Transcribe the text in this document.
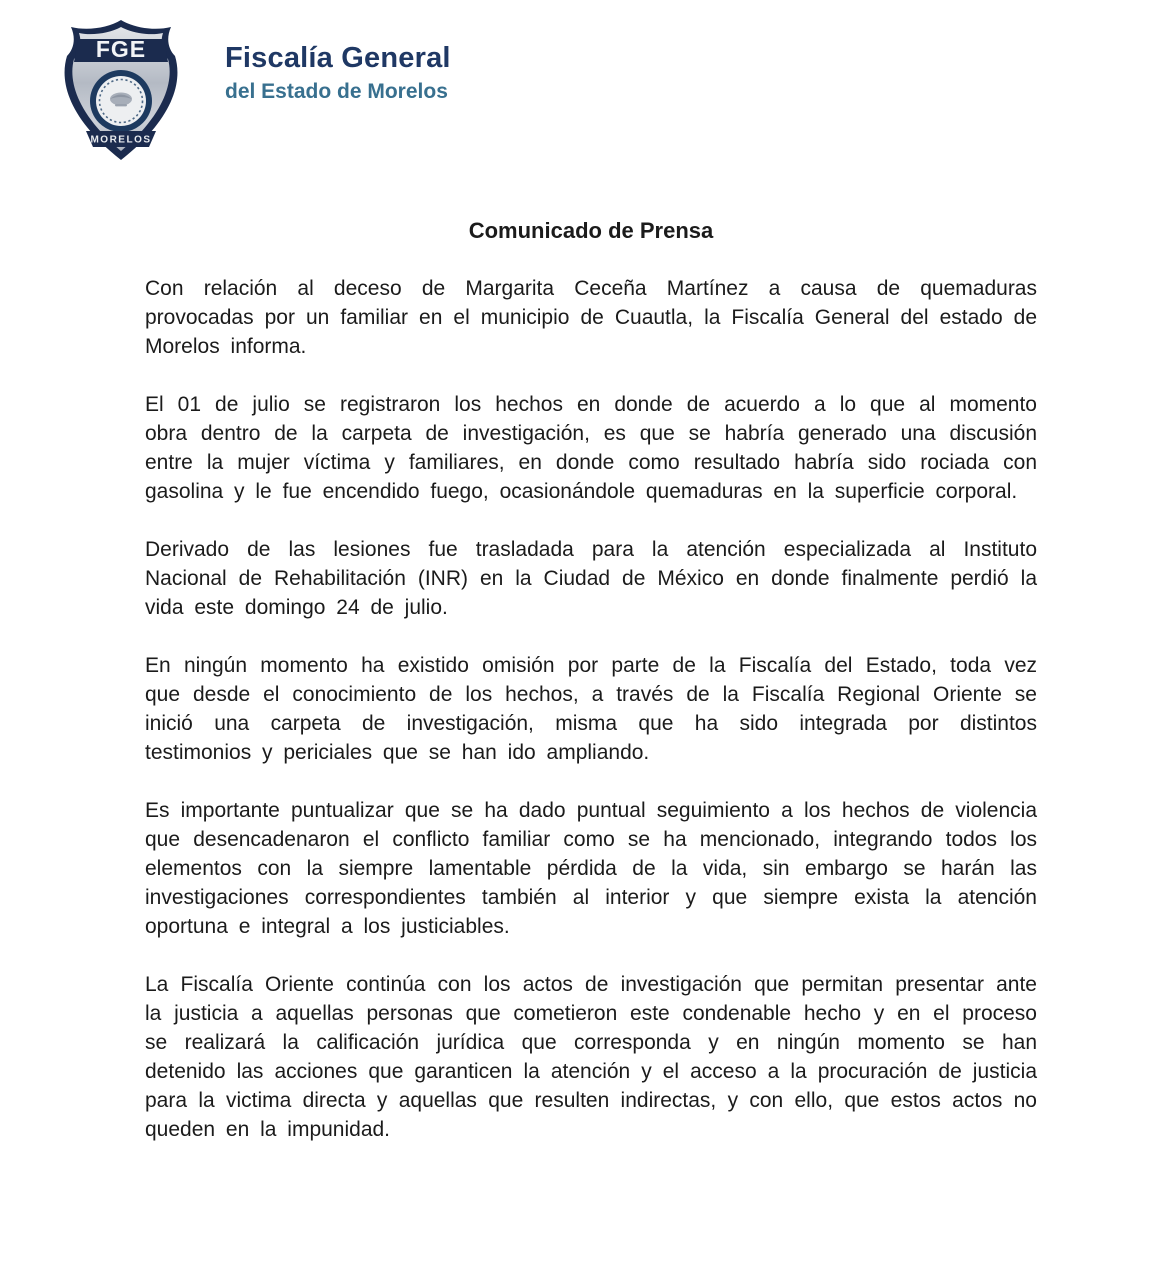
FGE
MORELOS
Fiscalía General
del Estado de Morelos
Comunicado de Prensa

Con relación al deceso de Margarita Ceceña Martínez a causa de quemaduras provocadas por un familiar en el municipio de Cuautla, la Fiscalía General del estado de Morelos informa.

El 01 de julio se registraron los hechos en donde de acuerdo a lo que al momento obra dentro de la carpeta de investigación, es que se habría generado una discusión entre la mujer víctima y familiares, en donde como resultado habría sido rociada con gasolina y le fue encendido fuego, ocasionándole quemaduras en la superficie corporal.

Derivado de las lesiones fue trasladada para la atención especializada al Instituto Nacional de Rehabilitación (INR) en la Ciudad de México en donde finalmente perdió la vida este domingo 24 de julio.

En ningún momento ha existido omisión por parte de la Fiscalía del Estado, toda vez que desde el conocimiento de los hechos, a través de la Fiscalía Regional Oriente se inició una carpeta de investigación, misma que ha sido integrada por distintos testimonios y periciales que se han ido ampliando.

Es importante puntualizar que se ha dado puntual seguimiento a los hechos de violencia que desencadenaron el conflicto familiar como se ha mencionado, integrando todos los elementos con la siempre lamentable pérdida de la vida, sin embargo se harán las investigaciones correspondientes también al interior y que siempre exista la atención oportuna e integral a los justiciables.

La Fiscalía Oriente continúa con los actos de investigación que permitan presentar ante la justicia a aquellas personas que cometieron este condenable hecho y en el proceso se realizará la calificación jurídica que corresponda y en ningún momento se han detenido las acciones que garanticen la atención y el acceso a la procuración de justicia para la victima directa y aquellas que resulten indirectas, y con ello, que estos actos no queden en la impunidad.
